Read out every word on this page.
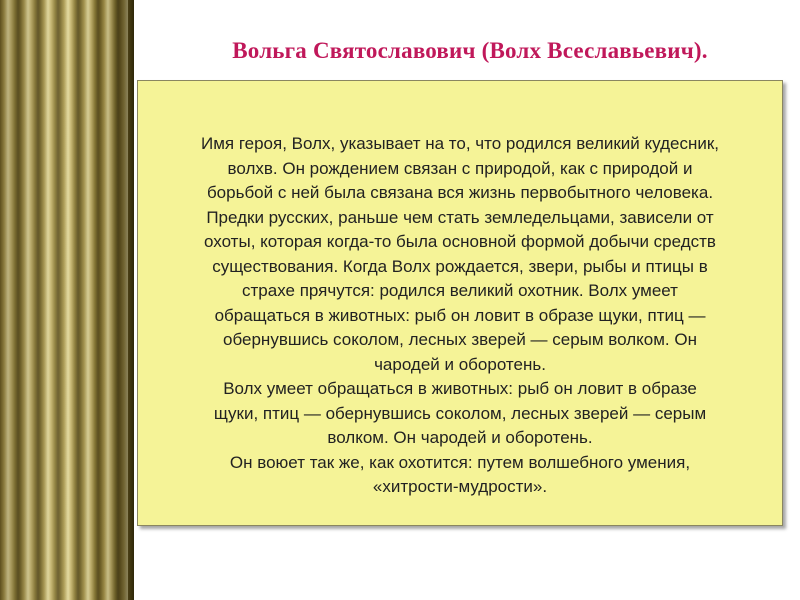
Вольга Святославович (Волх Всеславьевич).

Имя героя, Волх, указывает на то, что родился великий кудесник,
волхв. Он рождением связан с природой, как с природой и
борьбой с ней была связана вся жизнь первобытного человека.
Предки русских, раньше чем стать земледельцами, зависели от
охоты, которая когда-то была основной формой добычи средств
существования. Когда Волх рождается, звери, рыбы и птицы в
страхе прячутся: родился великий охотник. Волх умеет
обращаться в животных: рыб он ловит в образе щуки, птиц —
обернувшись соколом, лесных зверей — серым волком. Он
чародей и оборотень.

Волх умеет обращаться в животных: рыб он ловит в образе
щуки, птиц — обернувшись соколом, лесных зверей — серым
волком. Он чародей и оборотень.

Он воюет так же, как охотится: путем волшебного умения,
«хитрости-мудрости».
